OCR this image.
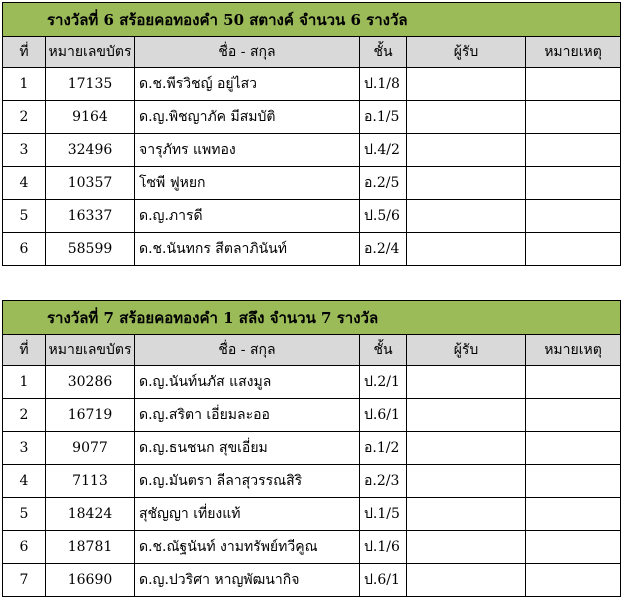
รางวัลที่ 6 สร้อยคอทองคำ 50 สตางค์ จำนวน 6 รางวัล					
ที่	หมายเลขบัตร	ชื่อ - สกุล	ชั้น	ผู้รับ	หมายเหตุ
1	17135	ด.ช.พีรวิชญ์ อยู่ไสว	ป.1/8		
2	9164	ด.ญ.พิชญาภัค มีสมบัติ	อ.1/5		
3	32496	จารุภัทร แพทอง	ป.4/2		
4	10357	โซพี ฟูหยก	อ.2/5		
5	16337	ด.ญ.ภารดี	ป.5/6		
6	58599	ด.ช.นันทกร สีตลาภินันท์	อ.2/4		
รางวัลที่ 7 สร้อยคอทองคำ 1 สลึง จำนวน 7 รางวัล					
ที่	หมายเลขบัตร	ชื่อ - สกุล	ชั้น	ผู้รับ	หมายเหตุ
1	30286	ด.ญ.นันท์นภัส แสงมูล	ป.2/1		
2	16719	ด.ญ.สริตา เอี่ยมละออ	ป.6/1		
3	9077	ด.ญ.ธนชนก สุขเอี่ยม	อ.1/2		
4	7113	ด.ญ.มันตรา ลีลาสุวรรณสิริ	อ.2/3		
5	18424	สุชัญญา เที่ยงแท้	ป.1/5		
6	18781	ด.ช.ณัฐนันท์ งามทรัพย์ทวีคูณ	ป.1/6		
7	16690	ด.ญ.ปวริศา หาญพัฒนากิจ	ป.6/1		
